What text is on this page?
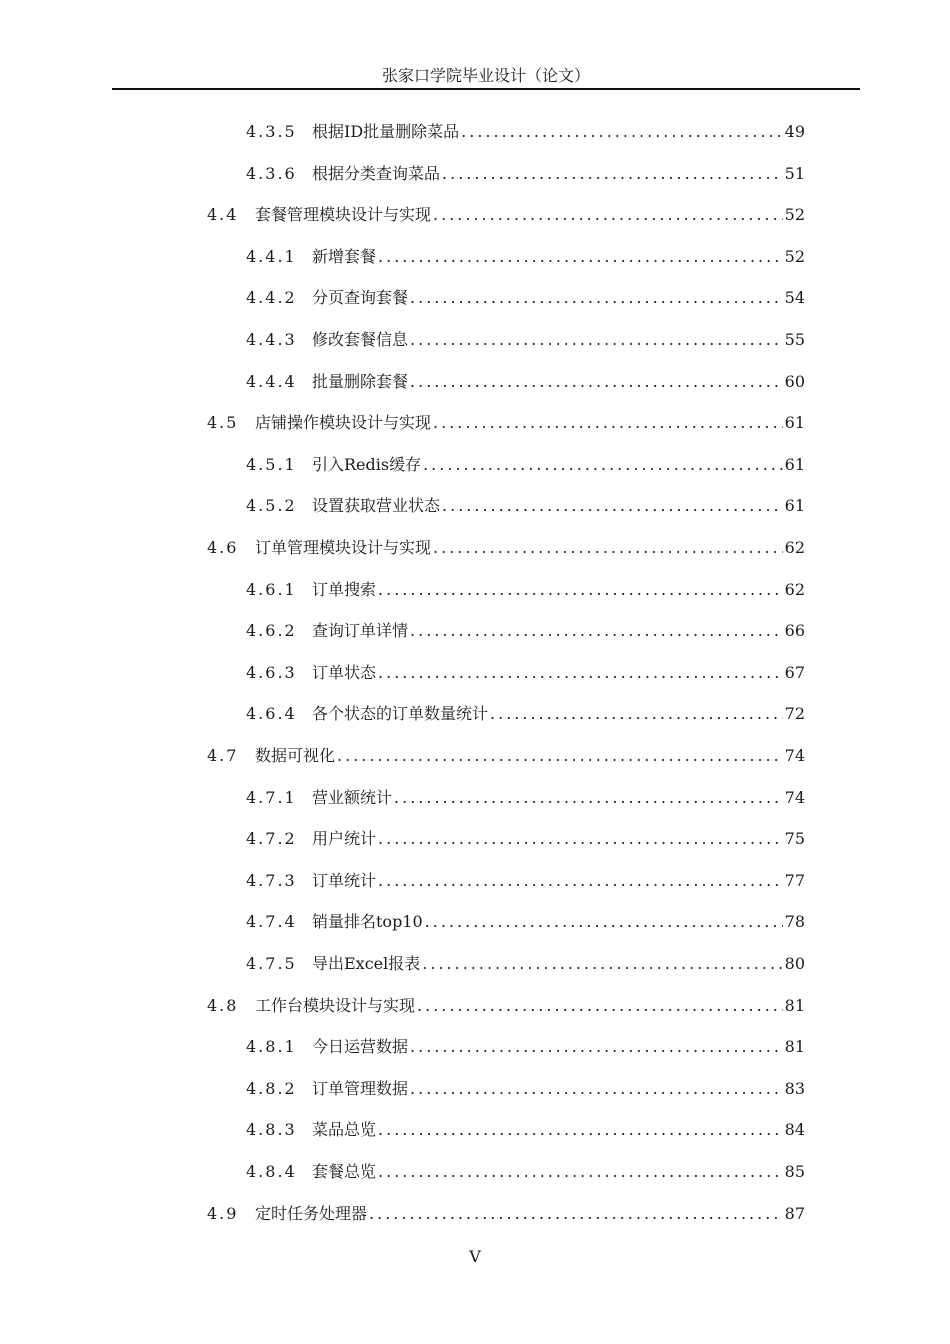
张家口学院毕业设计（论文）
4.3.5 根据ID批量删除菜品 .....	49
4.3.6 根据分类查询菜品 .....	51
4.4	套餐管理模块设计与实现 .....	52
4.4.1 新增套餐 .....	52
4.4.2 分页查询套餐 .....	54
4.4.3 修改套餐信息 .....	55
4.4.4 批量删除套餐 .....	60
4.5	店铺操作模块设计与实现 .....	61
4.5.1 引入Redis缓存 .....	61
4.5.2 设置获取营业状态 .....	61
4.6	订单管理模块设计与实现 .....	62
4.6.1 订单搜索 .....	62
4.6.2 查询订单详情 .....	66
4.6.3 订单状态 .....	67
4.6.4 各个状态的订单数量统计 .....	72
4.7	数据可视化 .....	74
4.7.1 营业额统计 .....	74
4.7.2 用户统计 .....	75
4.7.3 订单统计 .....	77
4.7.4 销量排名top10 .....	78
4.7.5 导出Excel报表 .....	80
4.8	工作台模块设计与实现 .....	81
4.8.1 今日运营数据 .....	81
4.8.2 订单管理数据 .....	83
4.8.3 菜品总览 .....	84
4.8.4 套餐总览 .....	85
4.9	定时任务处理器 .....	87
V
